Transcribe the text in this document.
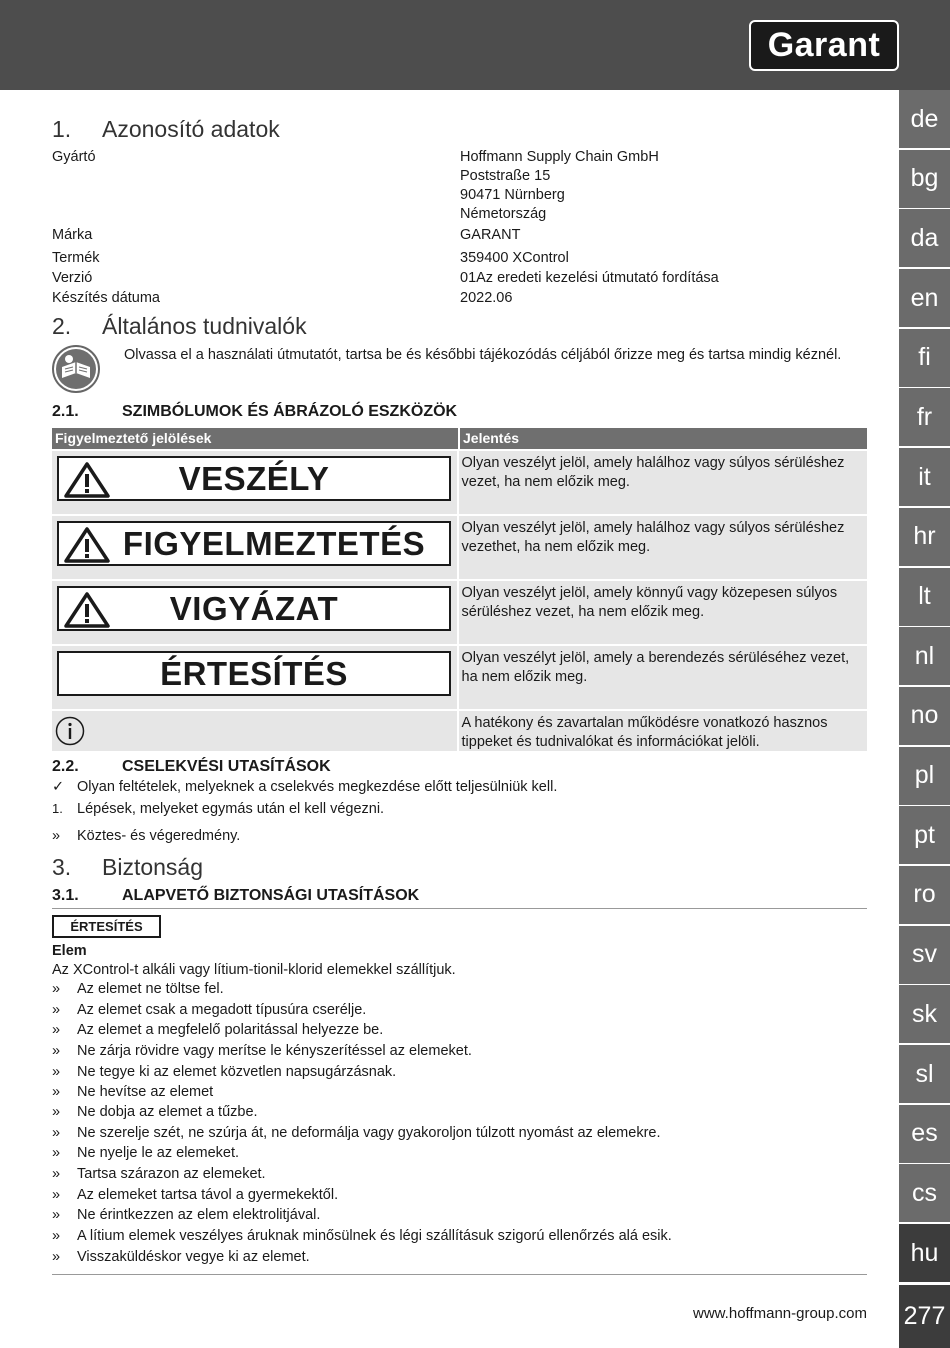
Garant
de
bg
da
en
fi
fr
it
hr
lt
nl
no
pl
pt
ro
sv
sk
sl
es
cs
hu
277
1. Azonosító adatok
Gyártó	Hoffmann Supply Chain GmbH
Poststraße 15
90471 Nürnberg
Németország
Márka	GARANT
Termék	359400 XControl
Verzió	01Az eredeti kezelési útmutató fordítása
Készítés dátuma	2022.06
2. Általános tudnivalók
Olvassa el a használati útmutatót, tartsa be és későbbi tájékozódás céljából őrizze meg és tartsa mindig kéznél.
2.1.	SZIMBÓLUMOK ÉS ÁBRÁZOLÓ ESZKÖZÖK
Figyelmeztető jelölések	Jelentés
VESZÉLY	Olyan veszélyt jelöl, amely halálhoz vagy súlyos sérüléshez vezet, ha nem előzik meg.
FIGYELMEZTETÉS	Olyan veszélyt jelöl, amely halálhoz vagy súlyos sérüléshez vezethet, ha nem előzik meg.
VIGYÁZAT	Olyan veszélyt jelöl, amely könnyű vagy közepesen súlyos sérüléshez vezet, ha nem előzik meg.
ÉRTESÍTÉS	Olyan veszélyt jelöl, amely a berendezés sérüléséhez vezet, ha nem előzik meg.
A hatékony és zavartalan működésre vonatkozó hasznos tippeket és tudnivalókat és információkat jelöli.
2.2.	CSELEKVÉSI UTASÍTÁSOK
✓ Olyan feltételek, melyeknek a cselekvés megkezdése előtt teljesülniük kell.
1. Lépések, melyeket egymás után el kell végezni.
» Köztes- és végeredmény.
3. Biztonság
3.1.	ALAPVETŐ BIZTONSÁGI UTASÍTÁSOK
ÉRTESÍTÉS
Elem
Az XControl-t alkáli vagy lítium-tionil-klorid elemekkel szállítjuk.
» Az elemet ne töltse fel.
» Az elemet csak a megadott típusúra cserélje.
» Az elemet a megfelelő polaritással helyezze be.
» Ne zárja rövidre vagy merítse le kényszerítéssel az elemeket.
» Ne tegye ki az elemet közvetlen napsugárzásnak.
» Ne hevítse az elemet
» Ne dobja az elemet a tűzbe.
» Ne szerelje szét, ne szúrja át, ne deformálja vagy gyakoroljon túlzott nyomást az elemekre.
» Ne nyelje le az elemeket.
» Tartsa szárazon az elemeket.
» Az elemeket tartsa távol a gyermekektől.
» Ne érintkezzen az elem elektrolitjával.
» A lítium elemek veszélyes áruknak minősülnek és légi szállításuk szigorú ellenőrzés alá esik.
» Visszaküldéskor vegye ki az elemet.
www.hoffmann-group.com
